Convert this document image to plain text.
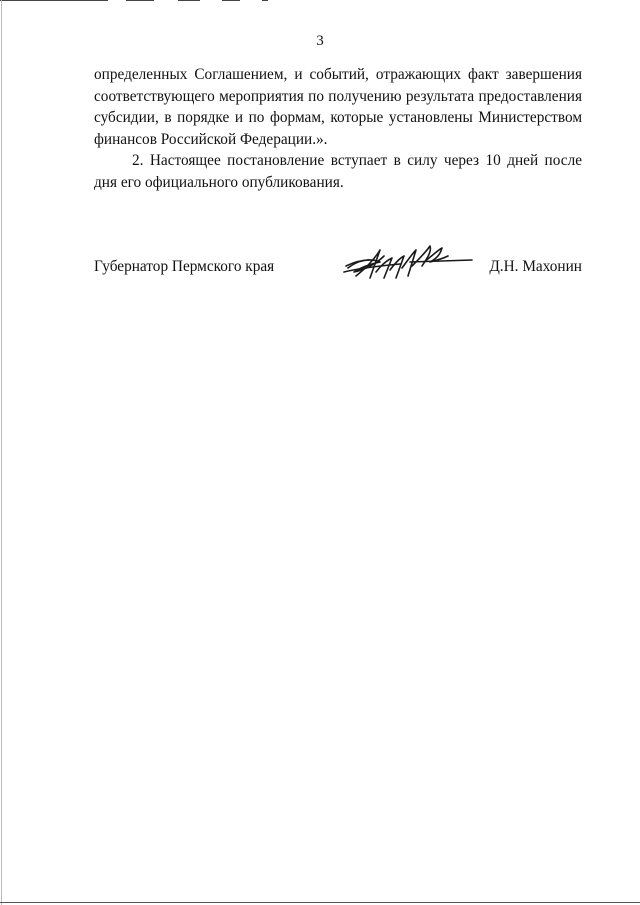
3

определенных Соглашением, и событий, отражающих факт завершения соответствующего мероприятия по получению результата предоставления субсидии, в порядке и по формам, которые установлены Министерством финансов Российской Федерации.».

2. Настоящее постановление вступает в силу через 10 дней после дня его официального опубликования.

Губернатор Пермского края	Д.Н. Махонин
